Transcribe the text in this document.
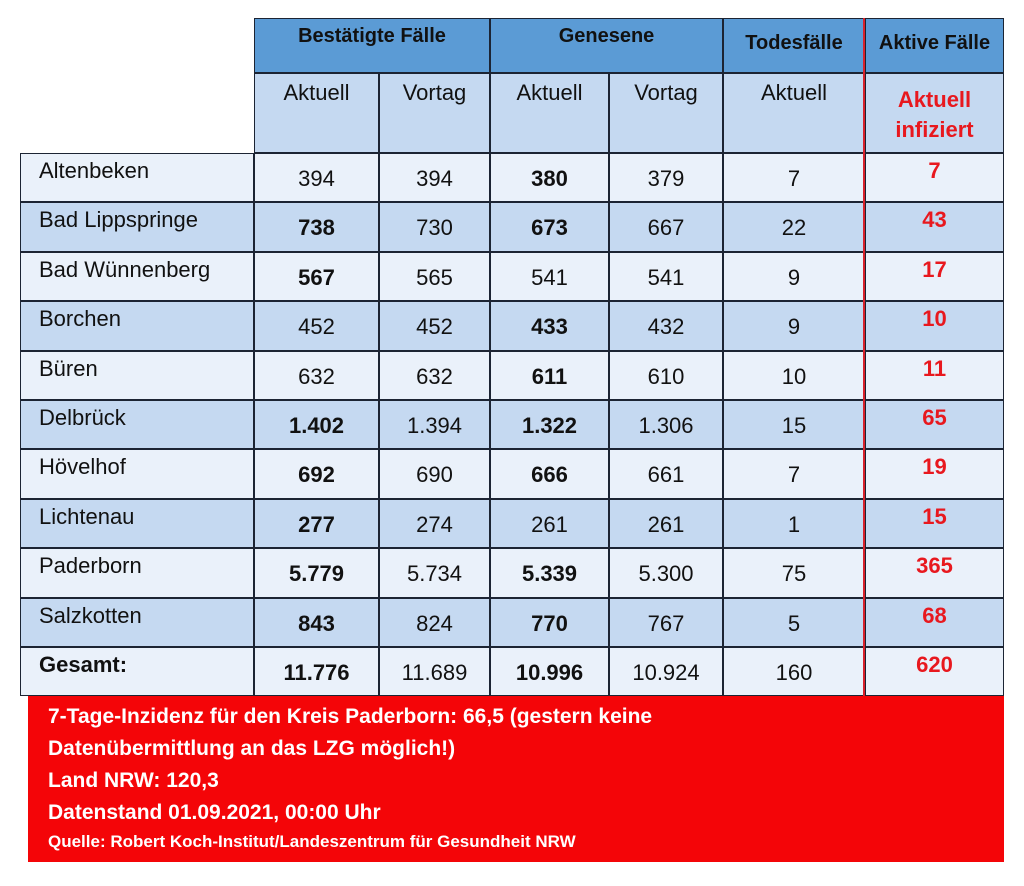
Bestätigte Fälle	Genesene	Todesfälle	Aktive Fälle
Aktuell	Vortag	Aktuell	Vortag	Aktuell	Aktuell
infiziert
Altenbeken	394	394	380	379	7	7
Bad Lippspringe	738	730	673	667	22	43
Bad Wünnenberg	567	565	541	541	9	17
Borchen	452	452	433	432	9	10
Büren	632	632	611	610	10	11
Delbrück	1.402	1.394	1.322	1.306	15	65
Hövelhof	692	690	666	661	7	19
Lichtenau	277	274	261	261	1	15
Paderborn	5.779	5.734	5.339	5.300	75	365
Salzkotten	843	824	770	767	5	68
Gesamt:	11.776	11.689	10.996	10.924	160	620
7-Tage-Inzidenz für den Kreis Paderborn: 66,5 (gestern keine
Datenübermittlung an das LZG möglich!)
Land NRW: 120,3
Datenstand 01.09.2021, 00:00 Uhr
Quelle: Robert Koch-Institut/Landeszentrum für Gesundheit NRW
